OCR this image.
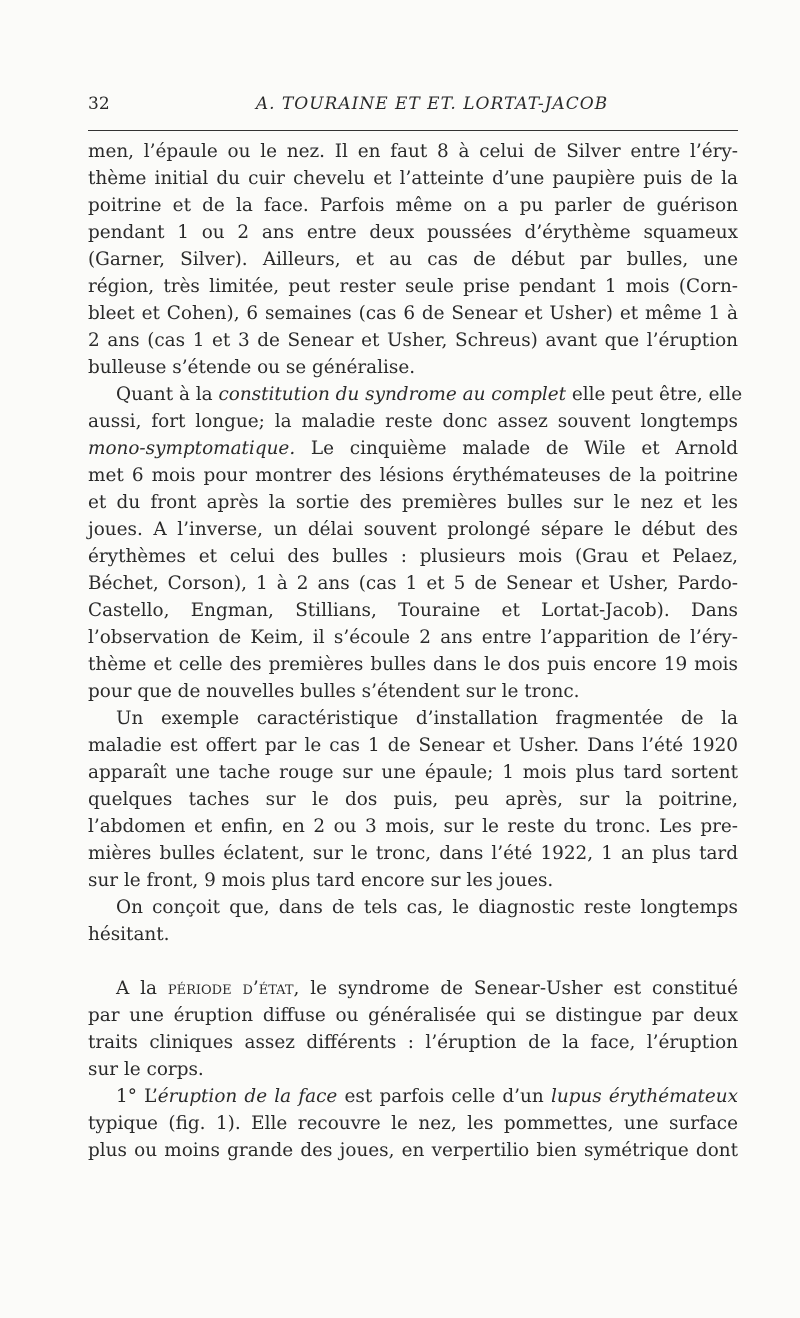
32	A. TOURAINE ET ET. LORTAT-JACOB
men, l’épaule ou le nez. Il en faut 8 à celui de Silver entre l’éry-
thème initial du cuir chevelu et l’atteinte d’une paupière puis de la
poitrine et de la face. Parfois même on a pu parler de guérison
pendant 1 ou 2 ans entre deux poussées d’érythème squameux
(Garner, Silver). Ailleurs, et au cas de début par bulles, une
région, très limitée, peut rester seule prise pendant 1 mois (Corn-
bleet et Cohen), 6 semaines (cas 6 de Senear et Usher) et même 1 à
2 ans (cas 1 et 3 de Senear et Usher, Schreus) avant que l’éruption
bulleuse s’étende ou se généralise.
Quant à la constitution du syndrome au complet elle peut être, elle
aussi, fort longue; la maladie reste donc assez souvent longtemps
mono-symptomatique. Le cinquième malade de Wile et Arnold
met 6 mois pour montrer des lésions érythémateuses de la poitrine
et du front après la sortie des premières bulles sur le nez et les
joues. A l’inverse, un délai souvent prolongé sépare le début des
érythèmes et celui des bulles : plusieurs mois (Grau et Pelaez,
Béchet, Corson), 1 à 2 ans (cas 1 et 5 de Senear et Usher, Pardo-
Castello, Engman, Stillians, Touraine et Lortat-Jacob). Dans
l’observation de Keim, il s’écoule 2 ans entre l’apparition de l’éry-
thème et celle des premières bulles dans le dos puis encore 19 mois
pour que de nouvelles bulles s’étendent sur le tronc.
Un exemple caractéristique d’installation fragmentée de la
maladie est offert par le cas 1 de Senear et Usher. Dans l’été 1920
apparaît une tache rouge sur une épaule; 1 mois plus tard sortent
quelques taches sur le dos puis, peu après, sur la poitrine,
l’abdomen et enfin, en 2 ou 3 mois, sur le reste du tronc. Les pre-
mières bulles éclatent, sur le tronc, dans l’été 1922, 1 an plus tard
sur le front, 9 mois plus tard encore sur les joues.
On conçoit que, dans de tels cas, le diagnostic reste longtemps
hésitant.
A la période d’état, le syndrome de Senear-Usher est constitué
par une éruption diffuse ou généralisée qui se distingue par deux
traits cliniques assez différents : l’éruption de la face, l’éruption
sur le corps.
1° L’éruption de la face est parfois celle d’un lupus érythémateux
typique (fig. 1). Elle recouvre le nez, les pommettes, une surface
plus ou moins grande des joues, en verpertilio bien symétrique dont
